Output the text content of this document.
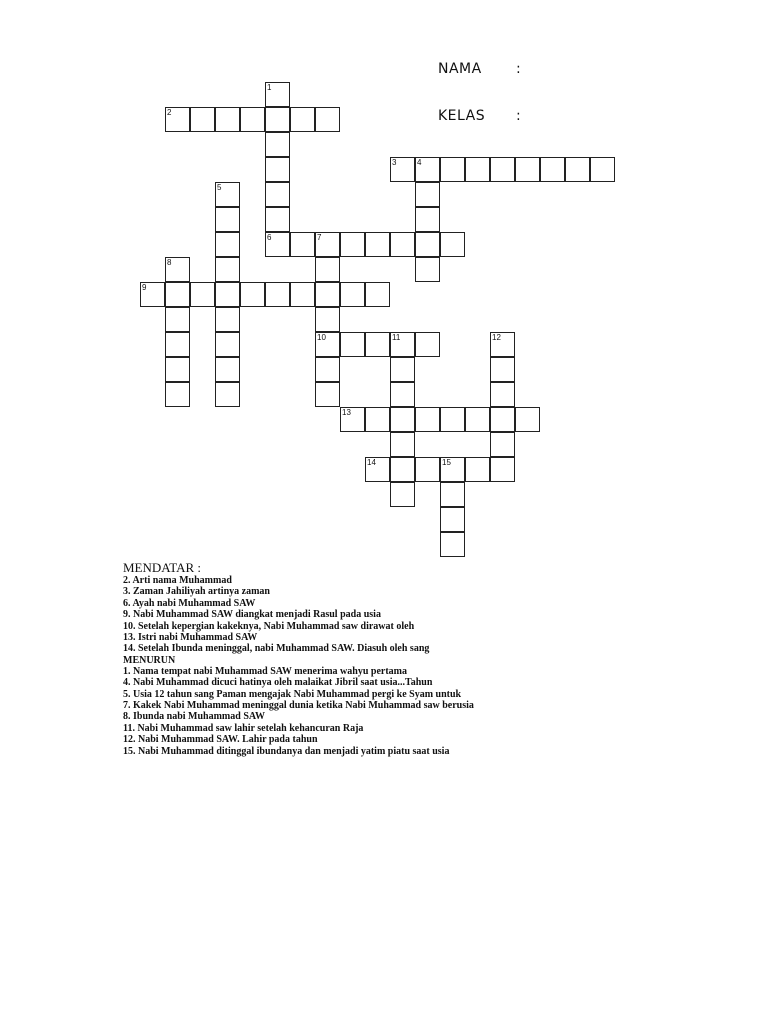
NAMA :
KELAS :
1
2
3	4
5
6	7
8
9
10	11	12
13
14	15
MENDATAR :
2. Arti nama Muhammad
3. Zaman Jahiliyah artinya zaman
6. Ayah nabi Muhammad SAW
9. Nabi Muhammad SAW diangkat menjadi Rasul pada usia
10. Setelah kepergian kakeknya, Nabi Muhammad saw dirawat oleh
13. Istri nabi Muhammad SAW
14. Setelah Ibunda meninggal, nabi Muhammad SAW. Diasuh oleh sang
MENURUN
1. Nama tempat nabi Muhammad SAW menerima wahyu pertama
4. Nabi Muhammad dicuci hatinya oleh malaikat Jibril saat usia...Tahun
5. Usia 12 tahun sang Paman mengajak Nabi Muhammad pergi ke Syam untuk
7. Kakek Nabi Muhammad meninggal dunia ketika Nabi Muhammad saw berusia
8. Ibunda nabi Muhammad SAW
11. Nabi Muhammad saw lahir setelah kehancuran Raja
12. Nabi Muhammad SAW. Lahir pada tahun
15. Nabi Muhammad ditinggal ibundanya dan menjadi yatim piatu saat usia
